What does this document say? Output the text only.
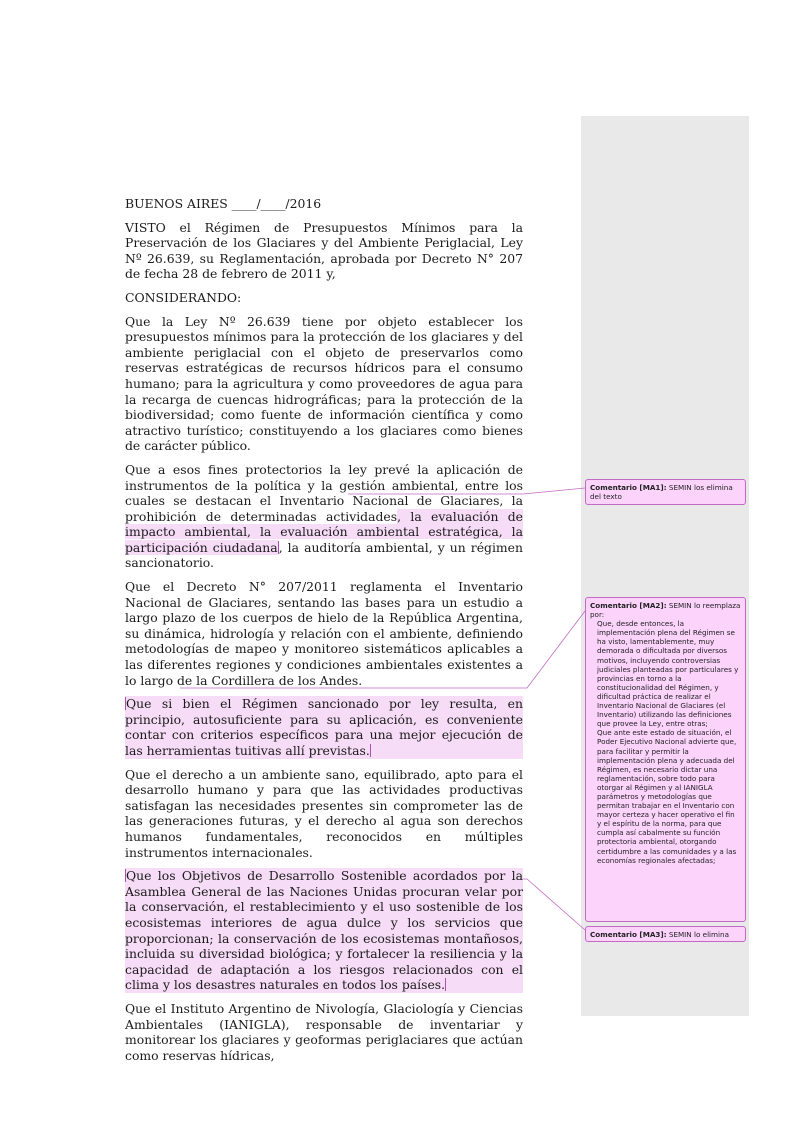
BUENOS AIRES ____/____/2016

VISTO el Régimen de Presupuestos Mínimos para la Preservación de los Glaciares y del Ambiente Periglacial, Ley Nº 26.639, su Reglamentación, aprobada por Decreto N° 207 de fecha 28 de febrero de 2011 y,

CONSIDERANDO:

Que la Ley Nº 26.639 tiene por objeto establecer los presupuestos mínimos para la protección de los glaciares y del ambiente periglacial con el objeto de preservarlos como reservas estratégicas de recursos hídricos para el consumo humano; para la agricultura y como proveedores de agua para la recarga de cuencas hidrográficas; para la protección de la biodiversidad; como fuente de información científica y como atractivo turístico; constituyendo a los glaciares como bienes de carácter público.

Que a esos fines protectorios la ley prevé la aplicación de instrumentos de la política y la gestión ambiental, entre los cuales se destacan el Inventario Nacional de Glaciares, la prohibición de determinadas actividades, la evaluación de impacto ambiental, la evaluación ambiental estratégica, la participación ciudadana, la auditoría ambiental, y un régimen sancionatorio.

Que el Decreto N° 207/2011 reglamenta el Inventario Nacional de Glaciares, sentando las bases para un estudio a largo plazo de los cuerpos de hielo de la República Argentina, su dinámica, hidrología y relación con el ambiente, definiendo metodologías de mapeo y monitoreo sistemáticos aplicables a las diferentes regiones y condiciones ambientales existentes a lo largo de la Cordillera de los Andes.

Que si bien el Régimen sancionado por ley resulta, en principio, autosuficiente para su aplicación, es conveniente contar con criterios específicos para una mejor ejecución de las herramientas tuitivas allí previstas.

Que el derecho a un ambiente sano, equilibrado, apto para el desarrollo humano y para que las actividades productivas satisfagan las necesidades presentes sin comprometer las de las generaciones futuras, y el derecho al agua son derechos humanos fundamentales, reconocidos en múltiples instrumentos internacionales.

Que los Objetivos de Desarrollo Sostenible acordados por la Asamblea General de las Naciones Unidas procuran velar por la conservación, el restablecimiento y el uso sostenible de los ecosistemas interiores de agua dulce y los servicios que proporcionan; la conservación de los ecosistemas montañosos, incluida su diversidad biológica; y fortalecer la resiliencia y la capacidad de adaptación a los riesgos relacionados con el clima y los desastres naturales en todos los países.

Que el Instituto Argentino de Nivología, Glaciología y Ciencias Ambientales (IANIGLA), responsable de inventariar y monitorear los glaciares y geoformas periglaciares que actúan como reservas hídricas,

Comentario [MA1]: SEMIN los elimina del texto
Comentario [MA2]: SEMIN lo reemplaza por:
Que, desde entonces, la implementación plena del Régimen se ha visto, lamentablemente, muy demorada o dificultada por diversos motivos, incluyendo controversias judiciales planteadas por particulares y provincias en torno a la constitucionalidad del Régimen, y dificultad práctica de realizar el Inventario Nacional de Glaciares (el Inventario) utilizando las definiciones que provee la Ley, entre otras;
Que ante este estado de situación, el Poder Ejecutivo Nacional advierte que, para facilitar y permitir la implementación plena y adecuada del Régimen, es necesario dictar una reglamentación, sobre todo para otorgar al Régimen y al IANIGLA parámetros y metodologías que permitan trabajar en el Inventario con mayor certeza y hacer operativo el fin y el espíritu de la norma, para que cumpla así cabalmente su función protectoria ambiental, otorgando certidumbre a las comunidades y a las economías regionales afectadas;
Comentario [MA3]: SEMIN lo elimina
